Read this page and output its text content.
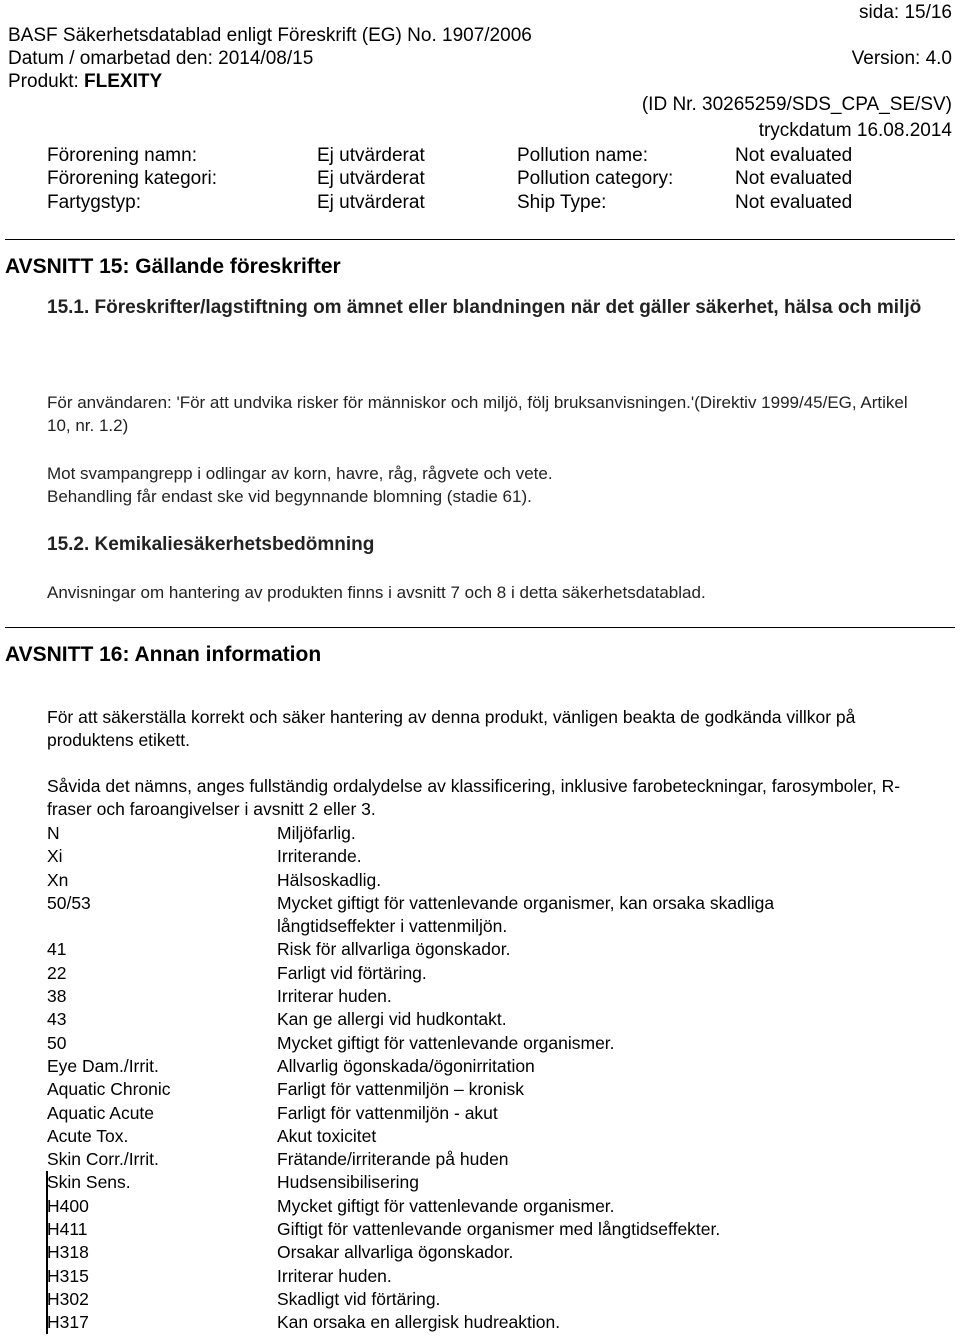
sida: 15/16
BASF Säkerhetsdatablad enligt Föreskrift (EG) No. 1907/2006
Datum / omarbetad den: 2014/08/15	Version: 4.0
Produkt: FLEXITY
(ID Nr. 30265259/SDS_CPA_SE/SV)
tryckdatum 16.08.2014
Förorening namn:	Ej utvärderat	Pollution name:	Not evaluated
Förorening kategori:	Ej utvärderat	Pollution category:	Not evaluated
Fartygstyp:	Ej utvärderat	Ship Type:	Not evaluated
AVSNITT 15: Gällande föreskrifter
15.1. Föreskrifter/lagstiftning om ämnet eller blandningen när det gäller säkerhet, hälsa och miljö
För användaren: 'För att undvika risker för människor och miljö, följ bruksanvisningen.'(Direktiv 1999/45/EG, Artikel 10, nr. 1.2)
Mot svampangrepp i odlingar av korn, havre, råg, rågvete och vete.
Behandling får endast ske vid begynnande blomning (stadie 61).
15.2. Kemikaliesäkerhetsbedömning
Anvisningar om hantering av produkten finns i avsnitt 7 och 8 i detta säkerhetsdatablad.
AVSNITT 16: Annan information
För att säkerställa korrekt och säker hantering av denna produkt, vänligen beakta de godkända villkor på produktens etikett.
Såvida det nämns, anges fullständig ordalydelse av klassificering, inklusive farobeteckningar, farosymboler, R-fraser och faroangivelser i avsnitt 2 eller 3.
N	Miljöfarlig.
Xi	Irriterande.
Xn	Hälsoskadlig.
50/53	Mycket giftigt för vattenlevande organismer, kan orsaka skadliga långtidseffekter i vattenmiljön.
41	Risk för allvarliga ögonskador.
22	Farligt vid förtäring.
38	Irriterar huden.
43	Kan ge allergi vid hudkontakt.
50	Mycket giftigt för vattenlevande organismer.
Eye Dam./Irrit.	Allvarlig ögonskada/ögonirritation
Aquatic Chronic	Farligt för vattenmiljön – kronisk
Aquatic Acute	Farligt för vattenmiljön - akut
Acute Tox.	Akut toxicitet
Skin Corr./Irrit.	Frätande/irriterande på huden
Skin Sens.	Hudsensibilisering
H400	Mycket giftigt för vattenlevande organismer.
H411	Giftigt för vattenlevande organismer med långtidseffekter.
H318	Orsakar allvarliga ögonskador.
H315	Irriterar huden.
H302	Skadligt vid förtäring.
H317	Kan orsaka en allergisk hudreaktion.
